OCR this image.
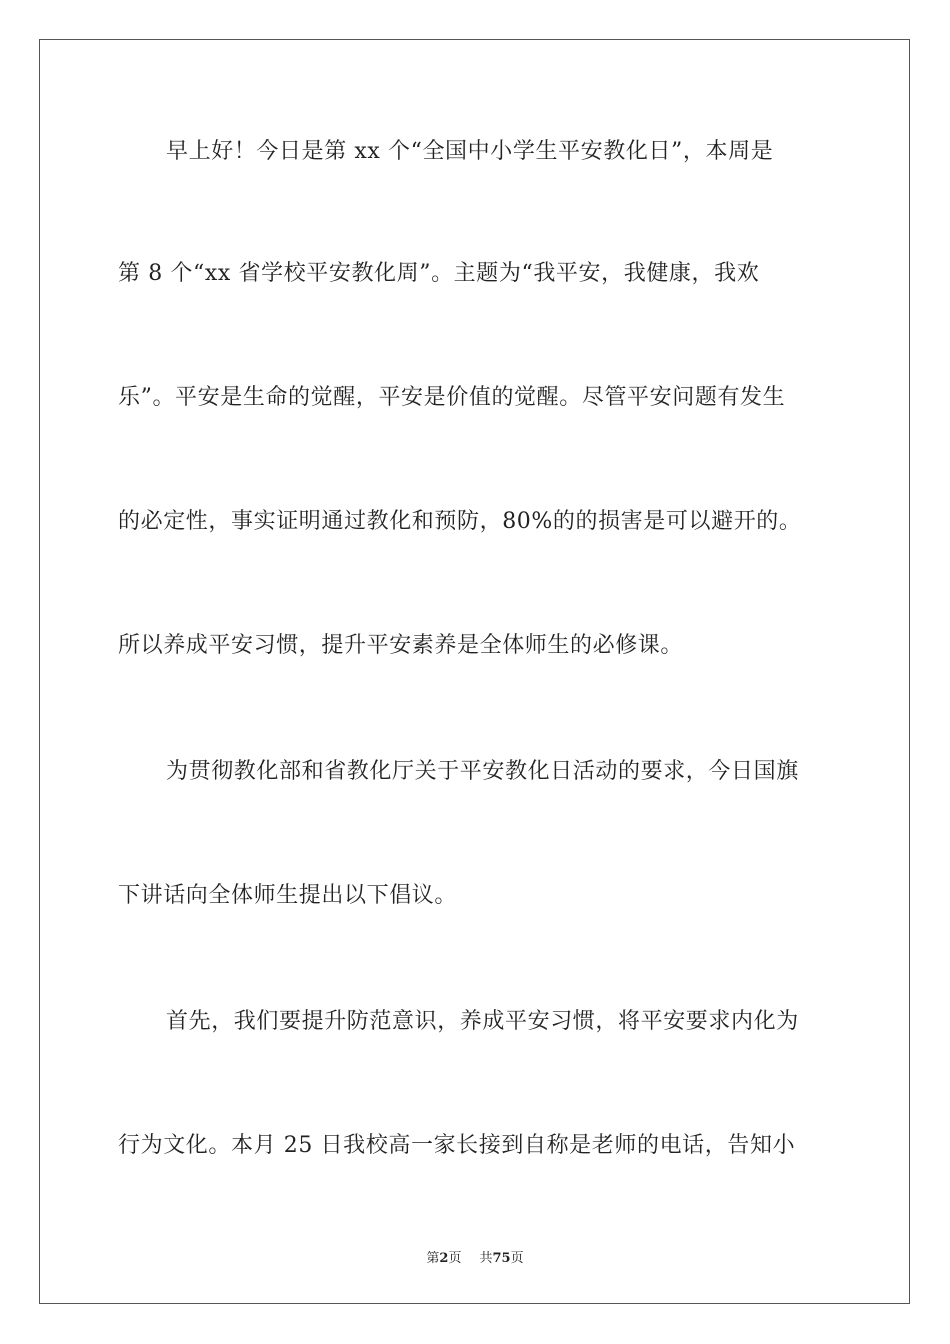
早上好！今日是第 xx 个“全国中小学生平安教化日”，本周是
第 8 个“xx 省学校平安教化周”。主题为“我平安，我健康，我欢
乐”。平安是生命的觉醒，平安是价值的觉醒。尽管平安问题有发生
的必定性，事实证明通过教化和预防，80%的的损害是可以避开的。
所以养成平安习惯，提升平安素养是全体师生的必修课。
为贯彻教化部和省教化厅关于平安教化日活动的要求，今日国旗
下讲话向全体师生提出以下倡议。
首先，我们要提升防范意识，养成平安习惯，将平安要求内化为
行为文化。本月 25 日我校高一家长接到自称是老师的电话，告知小
第2页 共75页
